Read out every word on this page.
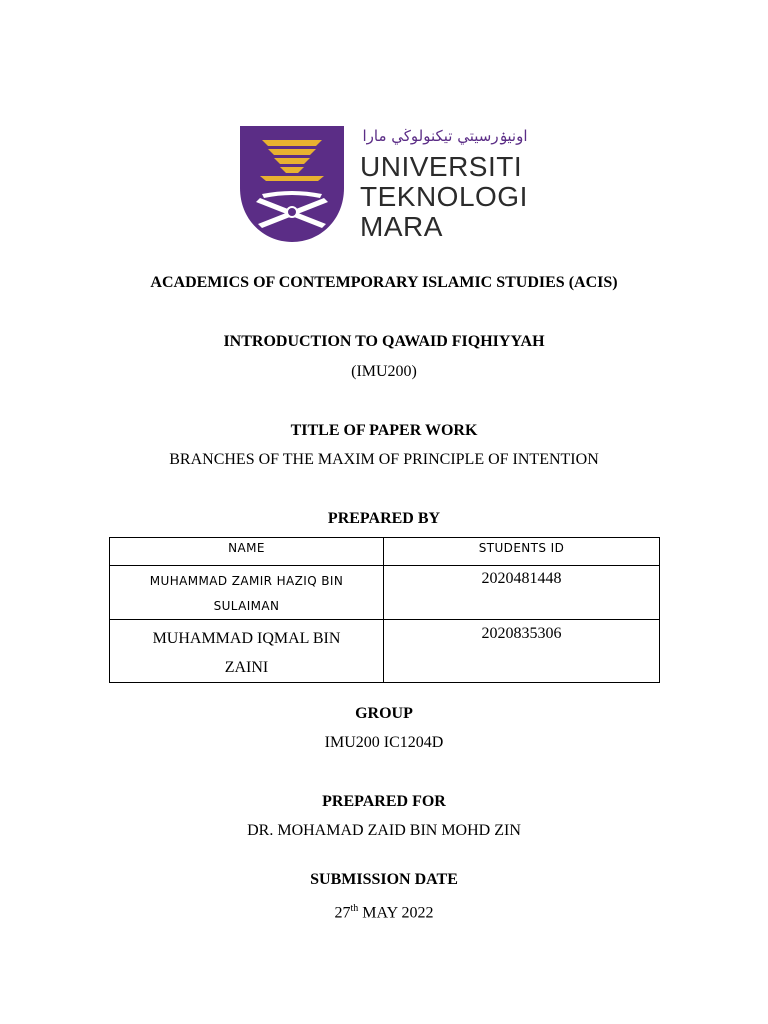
اونيۏرسيتي تيكنولوڬي مارا
UNIVERSITI
TEKNOLOGI
MARA
ACADEMICS OF CONTEMPORARY ISLAMIC STUDIES (ACIS)
INTRODUCTION TO QAWAID FIQHIYYAH
(IMU200)
TITLE OF PAPER WORK
BRANCHES OF THE MAXIM OF PRINCIPLE OF INTENTION
PREPARED BY
NAME	STUDENTS ID

MUHAMMAD ZAMIR HAZIQ BIN
SULAIMAN	2020481448

MUHAMMAD IQMAL BIN
ZAINI	2020835306
GROUP
IMU200 IC1204D
PREPARED FOR
DR. MOHAMAD ZAID BIN MOHD ZIN
SUBMISSION DATE
27th MAY 2022
